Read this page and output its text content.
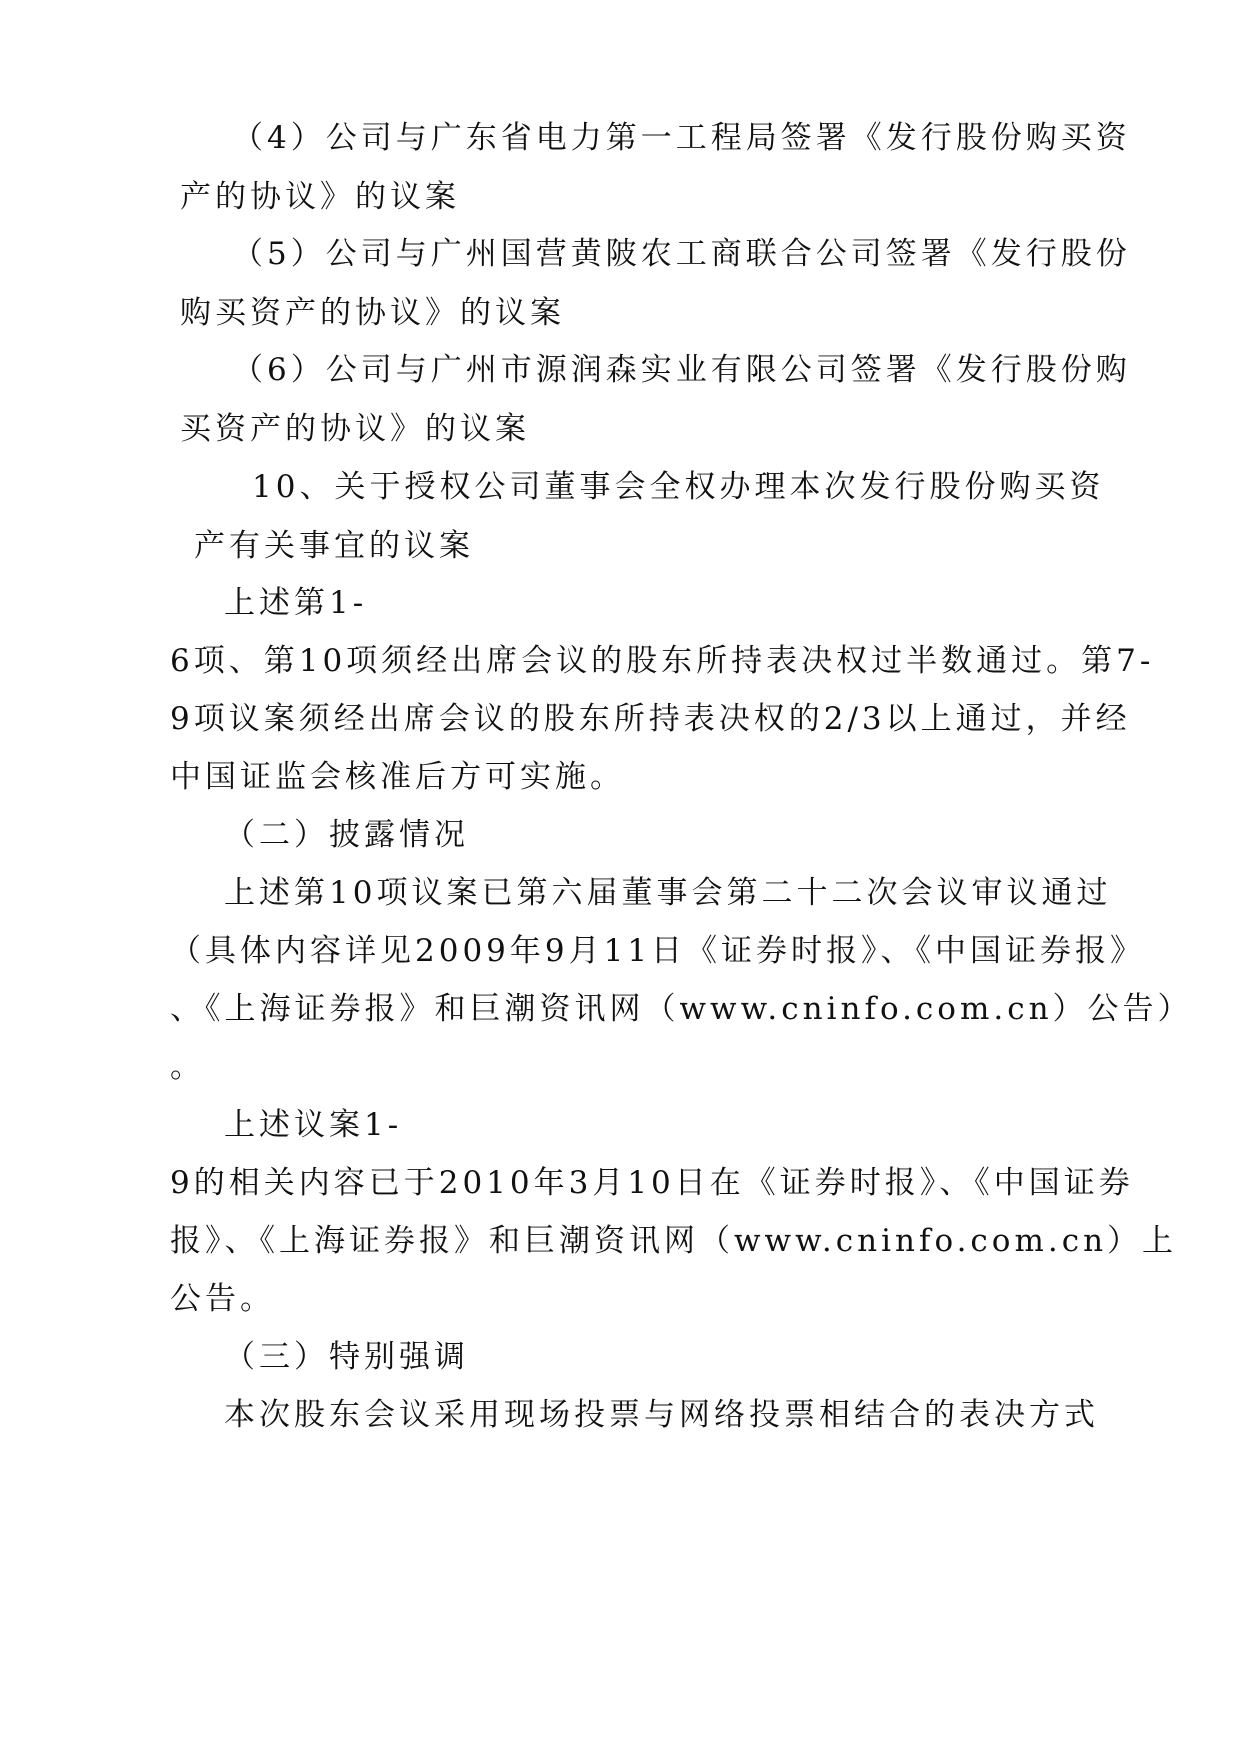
（4）公司与广东省电力第一工程局签署《发行股份购买资
产的协议》的议案
（5）公司与广州国营黄陂农工商联合公司签署《发行股份
购买资产的协议》的议案
（6）公司与广州市源润森实业有限公司签署《发行股份购
买资产的协议》的议案
10、关于授权公司董事会全权办理本次发行股份购买资
产有关事宜的议案
上述第1-
6项、第10项须经出席会议的股东所持表决权过半数通过。第7-
9项议案须经出席会议的股东所持表决权的2/3以上通过，并经
中国证监会核准后方可实施。
（二）披露情况
上述第10项议案已第六届董事会第二十二次会议审议通过
（具体内容详见2009年9月11日《证券时报》、《中国证券报》
、《上海证券报》和巨潮资讯网（www.cninfo.com.cn）公告）
。
上述议案1-
9的相关内容已于2010年3月10日在《证券时报》、《中国证券
报》、《上海证券报》和巨潮资讯网（www.cninfo.com.cn）上
公告。
（三）特别强调
本次股东会议采用现场投票与网络投票相结合的表决方式
